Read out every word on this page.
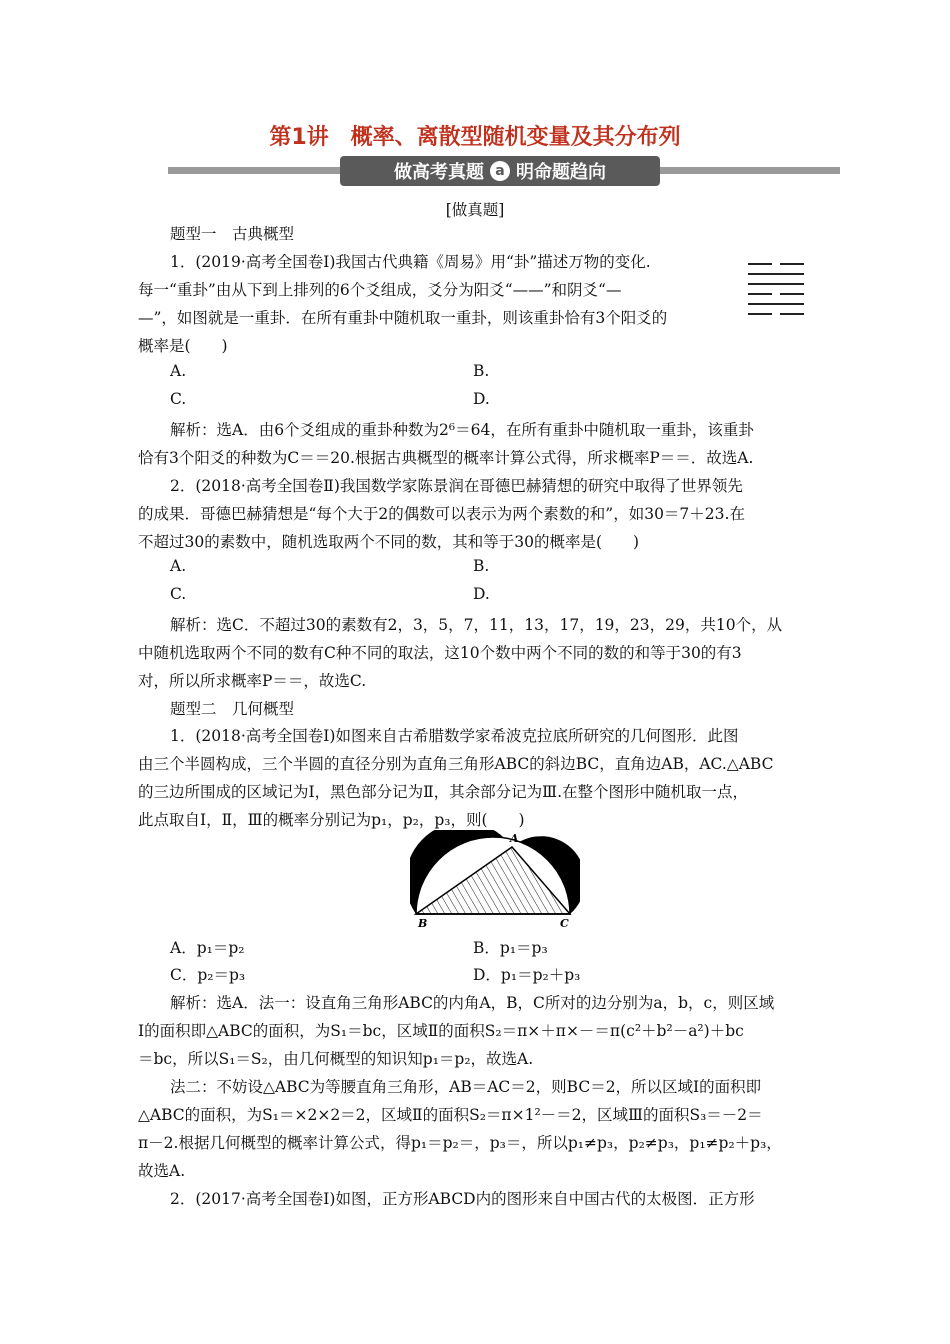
第1讲　概率、离散型随机变量及其分布列
做高考真题 a 明命题趋向
[做真题]
题型一　古典概型
1．(2019·高考全国卷Ⅰ)我国古代典籍《周易》用“卦”描述万物的变化.
每一“重卦”由从下到上排列的6个爻组成，爻分为阳爻“——”和阴爻“—
—”，如图就是一重卦．在所有重卦中随机取一重卦，则该重卦恰有3个阳爻的
概率是(　　)
A.	B.
C.	D.
解析：选A．由6个爻组成的重卦种数为2⁶＝64，在所有重卦中随机取一重卦，该重卦
恰有3个阳爻的种数为C＝＝20.根据古典概型的概率计算公式得，所求概率P＝＝．故选A.
2．(2018·高考全国卷Ⅱ)我国数学家陈景润在哥德巴赫猜想的研究中取得了世界领先
的成果．哥德巴赫猜想是“每个大于2的偶数可以表示为两个素数的和”，如30＝7＋23.在
不超过30的素数中，随机选取两个不同的数，其和等于30的概率是(　　)
A.	B.
C.	D.
解析：选C．不超过30的素数有2，3，5，7，11，13，17，19，23，29，共10个，从
中随机选取两个不同的数有C种不同的取法，这10个数中两个不同的数的和等于30的有3
对，所以所求概率P＝＝，故选C.
题型二　几何概型
1．(2018·高考全国卷Ⅰ)如图来自古希腊数学家希波克拉底所研究的几何图形．此图
由三个半圆构成，三个半圆的直径分别为直角三角形ABC的斜边BC，直角边AB，AC.△ABC
的三边所围成的区域记为Ⅰ，黑色部分记为Ⅱ，其余部分记为Ⅲ.在整个图形中随机取一点，
此点取自Ⅰ，Ⅱ，Ⅲ的概率分别记为p₁，p₂，p₃，则(　　)
A
B	C
A．p₁＝p₂	B．p₁＝p₃
C．p₂＝p₃	D．p₁＝p₂＋p₃
解析：选A．法一：设直角三角形ABC的内角A，B，C所对的边分别为a，b，c，则区域
Ⅰ的面积即△ABC的面积，为S₁＝bc，区域Ⅱ的面积S₂＝π×＋π×－＝π(c²＋b²－a²)＋bc
＝bc，所以S₁＝S₂，由几何概型的知识知p₁＝p₂，故选A.
法二：不妨设△ABC为等腰直角三角形，AB＝AC＝2，则BC＝2，所以区域Ⅰ的面积即
△ABC的面积，为S₁＝×2×2＝2，区域Ⅱ的面积S₂＝π×1²－＝2，区域Ⅲ的面积S₃＝－2＝
π－2.根据几何概型的概率计算公式，得p₁＝p₂＝，p₃＝，所以p₁≠p₃，p₂≠p₃，p₁≠p₂＋p₃，
故选A.
2．(2017·高考全国卷Ⅰ)如图，正方形ABCD内的图形来自中国古代的太极图．正方形
